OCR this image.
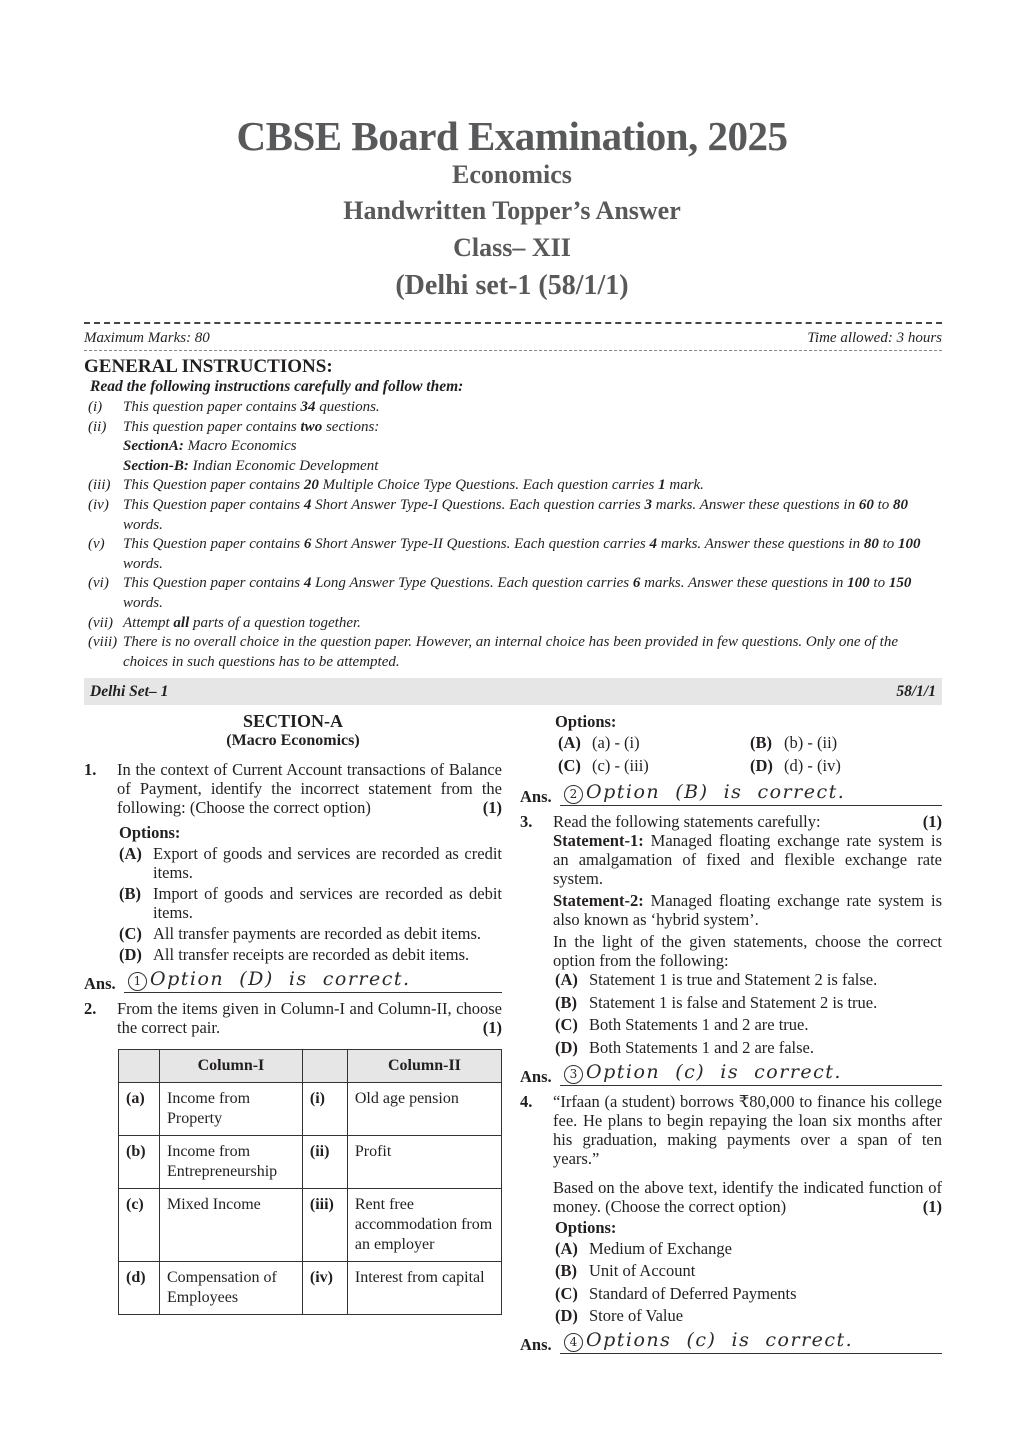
CBSE Board Examination, 2025
Economics
Handwritten Topper’s Answer
Class– XII
(Delhi set-1 (58/1/1)
Maximum Marks: 80	Time allowed: 3 hours
GENERAL INSTRUCTIONS:
Read the following instructions carefully and follow them:
(i)	This question paper contains 34 questions.
(ii)	This question paper contains two sections:
SectionA: Macro Economics
Section-B: Indian Economic Development
(iii) This Question paper contains 20 Multiple Choice Type Questions. Each question carries 1 mark.
(iv) This Question paper contains 4 Short Answer Type-I Questions. Each question carries 3 marks. Answer these questions in 60 to 80 words.
(v)	This Question paper contains 6 Short Answer Type-II Questions. Each question carries 4 marks. Answer these questions in 80 to 100 words.
(vi) This Question paper contains 4 Long Answer Type Questions. Each question carries 6 marks. Answer these questions in 100 to 150 words.
(vii) Attempt all parts of a question together.
(viii) There is no overall choice in the question paper. However, an internal choice has been provided in few questions. Only one of the choices in such questions has to be attempted.
Delhi Set– 1	58/1/1
SECTION-A
(Macro Economics)
1.	In the context of Current Account transactions of Balance of Payment, identify the incorrect statement from the following: (Choose the correct option)	(1)
Options:
(A) Export of goods and services are recorded as credit items.
(B) Import of goods and services are recorded as debit items.
(C) All transfer payments are recorded as debit items.
(D) All transfer receipts are recorded as debit items.
Ans.	1 Option  (D)  is  correct.
2.	From the items given in Column-I and Column-II, choose the correct pair.	(1)
	Column-I		Column-II
(a)	Income from Property	(i)	Old age pension
(b)	Income from Entrepreneurship	(ii)	Profit
(c)	Mixed Income	(iii)	Rent free accommodation from an employer
(d)	Compensation of Employees	(iv)	Interest from capital
Options:
(A) (a) - (i)	(B) (b) - (ii)
(C) (c) - (iii)	(D) (d) - (iv)
Ans.	2 Option  (B)  is  correct.
3.	Read the following statements carefully:	(1)
Statement-1: Managed floating exchange rate system is an amalgamation of fixed and flexible exchange rate system.
Statement-2: Managed floating exchange rate system is also known as ‘hybrid system’.
In the light of the given statements, choose the correct option from the following:
(A) Statement 1 is true and Statement 2 is false.
(B) Statement 1 is false and Statement 2 is true.
(C) Both Statements 1 and 2 are true.
(D) Both Statements 1 and 2 are false.
Ans.	3 Option  (c)  is  correct.
4.	“Irfaan (a student) borrows ₹80,000 to finance his college fee. He plans to begin repaying the loan six months after his graduation, making payments over a span of ten years.”
Based on the above text, identify the indicated function of money. (Choose the correct option)	(1)
Options:
(A) Medium of Exchange
(B) Unit of Account
(C) Standard of Deferred Payments
(D) Store of Value
Ans.	4 Options  (c)  is  correct.
